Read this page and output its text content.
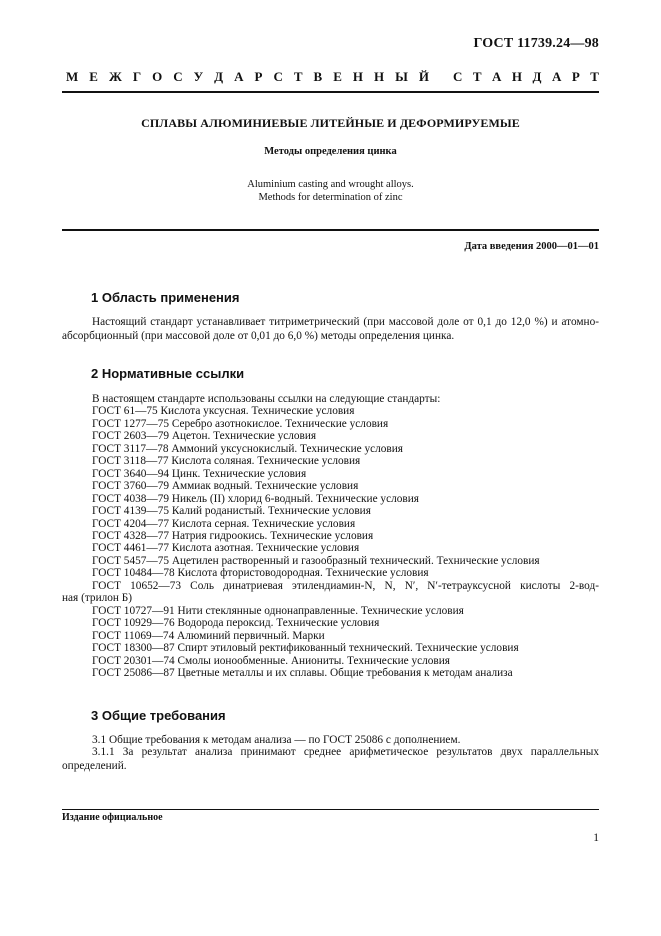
ГОСТ 11739.24—98
М Е Ж Г О С У Д А Р С Т В Е Н Н Ы Й С Т А Н Д А Р Т
СПЛАВЫ АЛЮМИНИЕВЫЕ ЛИТЕЙНЫЕ И ДЕФОРМИРУЕМЫЕ
Методы определения цинка
Aluminium casting and wrought alloys.
Methods for determination of zinc
Дата введения 2000—01—01
1 Область применения
Настоящий стандарт устанавливает титриметрический (при массовой доле от 0,1 до 12,0 %) и атомно-абсорбционный (при массовой доле от 0,01 до 6,0 %) методы определения цинка.
2 Нормативные ссылки
В настоящем стандарте использованы ссылки на следующие стандарты:
ГОСТ 61—75 Кислота уксусная. Технические условия
ГОСТ 1277—75 Серебро азотнокислое. Технические условия
ГОСТ 2603—79 Ацетон. Технические условия
ГОСТ 3117—78 Аммоний уксуснокислый. Технические условия
ГОСТ 3118—77 Кислота соляная. Технические условия
ГОСТ 3640—94 Цинк. Технические условия
ГОСТ 3760—79 Аммиак водный. Технические условия
ГОСТ 4038—79 Никель (II) хлорид 6-водный. Технические условия
ГОСТ 4139—75 Калий роданистый. Технические условия
ГОСТ 4204—77 Кислота серная. Технические условия
ГОСТ 4328—77 Натрия гидроокись. Технические условия
ГОСТ 4461—77 Кислота азотная. Технические условия
ГОСТ 5457—75 Ацетилен растворенный и газообразный технический. Технические условия
ГОСТ 10484—78 Кислота фтористоводородная. Технические условия
ГОСТ 10652—73 Соль динатриевая этилендиамин-N, N, N′, N′-тетрауксусной кислоты 2-вод-
ная (трилон Б)
ГОСТ 10727—91 Нити стеклянные однонаправленные. Технические условия
ГОСТ 10929—76 Водорода пероксид. Технические условия
ГОСТ 11069—74 Алюминий первичный. Марки
ГОСТ 18300—87 Спирт этиловый ректификованный технический. Технические условия
ГОСТ 20301—74 Смолы ионообменные. Аниониты. Технические условия
ГОСТ 25086—87 Цветные металлы и их сплавы. Общие требования к методам анализа
3 Общие требования
3.1 Общие требования к методам анализа — по ГОСТ 25086 с дополнением.
3.1.1 За результат анализа принимают среднее арифметическое результатов двух параллельных определений.
Издание официальное
1
